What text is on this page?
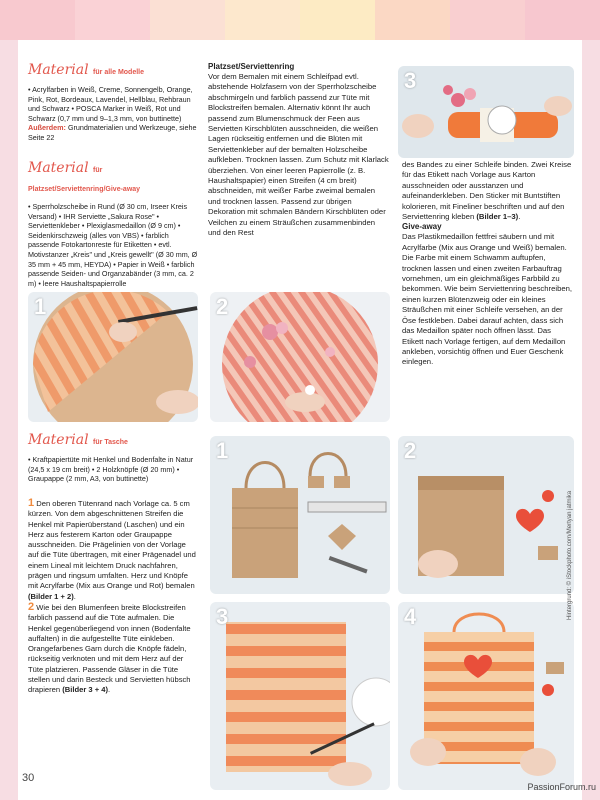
Material für alle Modelle
• Acrylfarben in Weiß, Creme, Sonnengelb, Orange, Pink, Rot, Bordeaux, Lavendel, Hellblau, Rehbraun und Schwarz • POSCA Marker in Weiß, Rot und Schwarz (0,7 mm und 9–1,3 mm, von buttinette) Außerdem: Grundmaterialien und Werkzeuge, siehe Seite 22
Material für Platzset/Serviettenring/Give-away
• Sperrholzscheibe in Rund (Ø 30 cm, Irseer Kreis Versand) • IHR Serviette „Sakura Rose" • Serviettenkleber • Plexiglasmedaillon (Ø 9 cm) • Seidenkirschzweig (alles von VBS) • farblich passende Fotokartonreste für Etiketten • evtl. Motivstanzer „Kreis" und „Kreis gewellt" (Ø 30 mm, Ø 35 mm + 45 mm, HEYDA) • Papier in Weiß • farblich passende Seiden- und Organzabänder (3 mm, ca. 2 m) • leere Haushaltspapierrolle
Material für Tasche
• Kraftpapiertüte mit Henkel und Bodenfalte in Natur (24,5 x 19 cm breit) • 2 Holzknöpfe (Ø 20 mm) • Graupappe (2 mm, A3, von buttinette)

1 Den oberen Tütenrand nach Vorlage ca. 5 cm kürzen. Von dem abgeschnittenen Streifen die Henkel mit Papierüberstand (Laschen) und ein Herz aus festerem Karton oder Graupappe ausschneiden. Die Prägelinien von der Vorlage auf die Tüte übertragen, mit einer Prägenadel und einem Lineal mit leichtem Druck nachfahren, prägen und ringsum umfalten. Herz und Knöpfe mit Acrylfarbe (Mix aus Orange und Rot) bemalen (Bilder 1 + 2).

2 Wie bei den Blumenfeen breite Blockstreifen farblich passend auf die Tüte aufmalen. Die Henkel gegenüberliegend von innen (Bodenfalte auffalten) in die aufgestellte Tüte einkleben. Orangefarbenes Garn durch die Knöpfe fädeln, rückseitig verknoten und mit dem Herz auf der Tüte platzieren. Passende Gläser in die Tüte stellen und darin Besteck und Servietten hübsch drapieren (Bilder 3 + 4).

Platzset/Serviettenring
Vor dem Bemalen mit einem Schleifpad evtl. abstehende Holzfasern von der Sperrholzscheibe abschmirgeln und farblich passend zur Tüte mit Blockstreifen bemalen. Alternativ könnt Ihr auch passend zum Blumenschmuck der Feen aus Servietten Kirschblüten ausschneiden, die weißen Lagen rückseitig entfernen und die Blüten mit Serviettenkleber auf der bemalten Holzscheibe aufkleben. Trocknen lassen. Zum Schutz mit Klarlack überziehen. Von einer leeren Papierrolle (z. B. Haushaltspapier) einen Streifen (4 cm breit) abschneiden, mit weißer Farbe zweimal bemalen und trocknen lassen. Passend zur übrigen Dekoration mit schmalen Bändern Kirschblüten oder Veilchen zu einem Sträußchen zusammenbinden und den Rest

des Bandes zu einer Schleife binden. Zwei Kreise für das Etikett nach Vorlage aus Karton ausschneiden oder ausstanzen und aufeinanderkleben. Den Sticker mit Buntstiften kolorieren, mit Fineliner beschriften und auf den Serviettenring kleben (Bilder 1–3).

Give-away
Das Plastikmedaillon fettfrei säubern und mit Acrylfarbe (Mix aus Orange und Weiß) bemalen. Die Farbe mit einem Schwamm auftupfen, trocknen lassen und einen zweiten Farbauftrag vornehmen, um ein gleichmäßiges Farbbild zu bekommen. Wie beim Serviettenring beschreiben, einen kurzen Blütenzweig oder ein kleines Sträußchen mit einer Schleife versehen, an der Öse festkleben. Dabei darauf achten, dass sich das Medaillon später noch öffnen lässt. Das Etikett nach Vorlage fertigen, auf dem Medaillon ankleben, vorsichtig öffnen und Euer Geschenk einlegen.
1	2
3
1	2
3	4	Hintergrund: © iStockphoto.com/Mertyan jatmika
30
PassionForum.ru
